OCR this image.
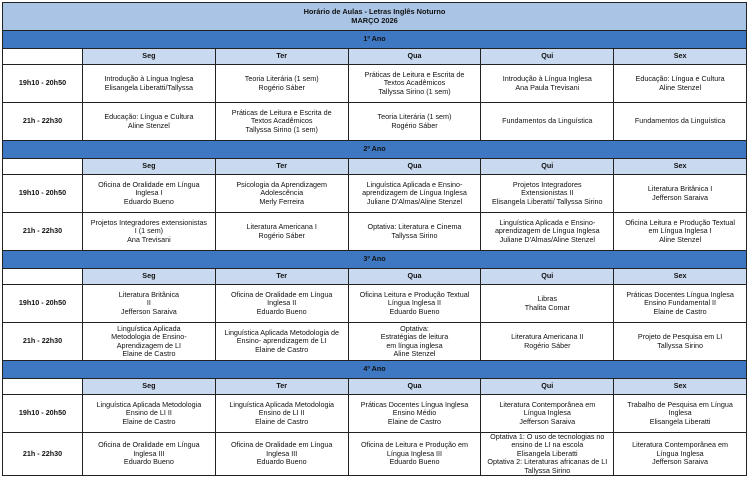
Horário de Aulas - Letras Inglês Noturno
MARÇO 2026					

1º Ano					
	Seg	Ter	Qua	Qui	Sex
19h10 - 20h50	Introdução à Língua Inglesa
Elisangela Liberatti/Tallyssa	Teoria Literária (1 sem)
Rogério Sáber	Práticas de Leitura e Escrita de
Textos Acadêmicos
Tallyssa Sirino (1 sem)	Introdução à Língua Inglesa
Ana Paula Trevisani	Educação: Língua e Cultura
Aline Stenzel

21h - 22h30	Educação: Língua e Cultura
Aline Stenzel	Práticas de Leitura e Escrita de
Textos Acadêmicos
Tallyssa Sirino (1 sem)	Teoria Literária (1 sem)
Rogério Sáber	Fundamentos da Linguística	Fundamentos da Linguística

2º Ano					
	Seg	Ter	Qua	Qui	Sex
19h10 - 20h50	Oficina de Oralidade em Língua
Inglesa I
Eduardo Bueno	Psicologia da Aprendizagem
Adolescência
Merly Ferreira	Linguística Aplicada e Ensino-
aprendizagem de Língua Inglesa
Juliane D'Almas/Aline Stenzel	Projetos Integradores
Extensionistas II
Elisangela Liberatti/ Tallyssa Sirino	Literatura Britânica I
Jefferson Saraiva

21h - 22h30	Projetos Integradores extensionistas
I (1 sem)
Ana Trevisani	Literatura Americana I
Rogério Sáber	Optativa: Literatura e Cinema
Tallyssa Sirino	Linguística Aplicada e Ensino-
aprendizagem de Língua Inglesa
Juliane D'Almas/Aline Stenzel	Oficina Leitura e Produção Textual
em Língua Inglesa I
Aline Stenzel

3º Ano					
	Seg	Ter	Qua	Qui	Sex
19h10 - 20h50	Literatura Britânica
II
Jefferson Saraiva	Oficina de Oralidade em Língua
Inglesa II
Eduardo Bueno	Oficina Leitura e Produção Textual
Língua Inglesa II
Eduardo Bueno	Libras
Thalita Comar	Práticas Docentes Língua Inglesa
Ensino Fundamental II
Elaine de Castro

21h - 22h30	Linguística Aplicada
Metodologia de Ensino-
Aprendizagem de LI
Elaine de Castro	Linguística Aplicada Metodologia de
Ensino- aprendizagem de LI
Elaine de Castro	Optativa:
Estratégias de leitura
em língua inglesa
Aline Stenzel	Literatura Americana II
Rogério Sáber	Projeto de Pesquisa em LI
Tallyssa Sirino

4º Ano					
	Seg	Ter	Qua	Qui	Sex
19h10 - 20h50	Linguística Aplicada Metodologia
Ensino de LI II
Elaine de Castro	Linguística Aplicada Metodologia
Ensino de LI II
Elaine de Castro	Práticas Docentes Língua Inglesa
Ensino Médio
Elaine de Castro	Literatura Contemporânea em
Língua Inglesa
Jefferson Saraiva	Trabalho de Pesquisa em Língua
Inglesa
Elisangela Liberatti

21h - 22h30	Oficina de Oralidade em Língua
Inglesa III
Eduardo Bueno	Oficina de Oralidade em Língua
Inglesa III
Eduardo Bueno	Oficina de Leitura e Produção em
Língua Inglesa III
Eduardo Bueno	Optativa 1: O uso de tecnologias no
ensino de LI na escola
Elisangela Liberatti
Optativa 2: Literaturas africanas de LI
Tallyssa Sirino	Literatura Contemporânea em
Língua Inglesa
Jefferson Saraiva
